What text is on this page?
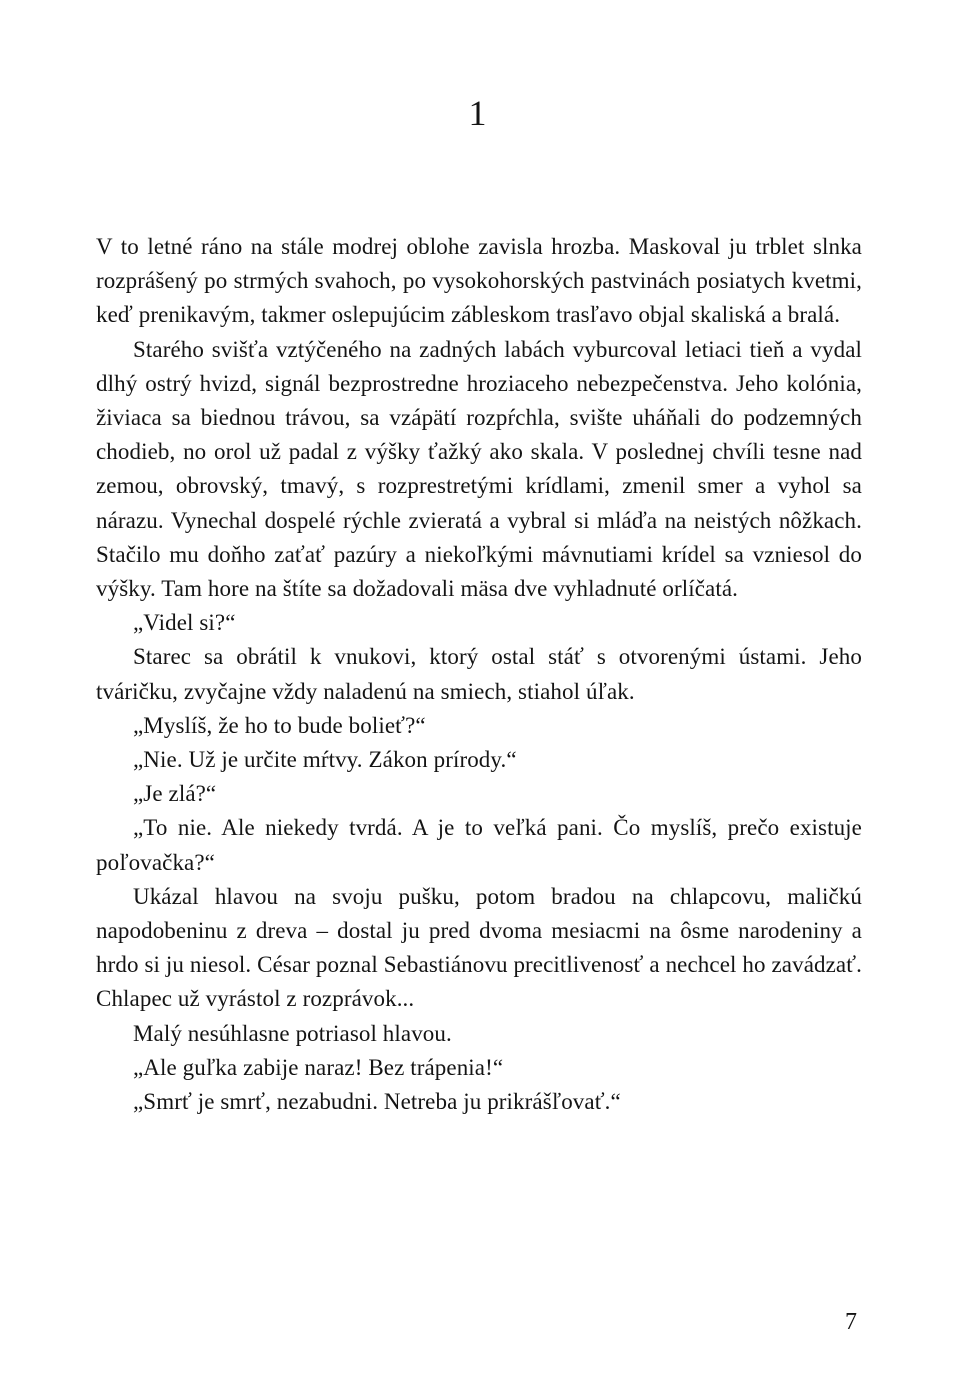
1

V to letné ráno na stále modrej oblohe zavisla hrozba. Maskoval ju trblet slnka rozprášený po strmých svahoch, po vysokohorských pastvinách posiatych kvetmi, keď prenikavým, takmer oslepujúcim zábleskom trasľavo objal skaliská a bralá.

Starého svišťa vztýčeného na zadných labách vyburcoval letiaci tieň a vydal dlhý ostrý hvizd, signál bezprostredne hroziaceho nebezpečenstva. Jeho kolónia, živiaca sa biednou trávou, sa vzápätí rozpŕchla, svište uháňali do podzemných chodieb, no orol už padal z výšky ťažký ako skala. V poslednej chvíli tesne nad zemou, obrovský, tmavý, s rozprestretými krídlami, zmenil smer a vyhol sa nárazu. Vynechal dospelé rýchle zvieratá a vybral si mláďa na neistých nôžkach. Stačilo mu doňho zaťať pazúry a niekoľkými mávnutiami krídel sa vzniesol do výšky. Tam hore na štíte sa dožadovali mäsa dve vyhladnuté orlíčatá.

„Videl si?“

Starec sa obrátil k vnukovi, ktorý ostal stáť s otvorenými ústami. Jeho tváričku, zvyčajne vždy naladenú na smiech, stiahol úľak.

„Myslíš, že ho to bude bolieť?“

„Nie. Už je určite mŕtvy. Zákon prírody.“

„Je zlá?“

„To nie. Ale niekedy tvrdá. A je to veľká pani. Čo myslíš, prečo existuje poľovačka?“

Ukázal hlavou na svoju pušku, potom bradou na chlapcovu, maličkú napodobeninu z dreva – dostal ju pred dvoma mesiacmi na ôsme narodeniny a hrdo si ju niesol. César poznal Sebastiánovu precitlivenosť a nechcel ho zavádzať. Chlapec už vyrástol z rozprávok...

Malý nesúhlasne potriasol hlavou.

„Ale guľka zabije naraz! Bez trápenia!“

„Smrť je smrť, nezabudni. Netreba ju prikrášľovať.“

7
